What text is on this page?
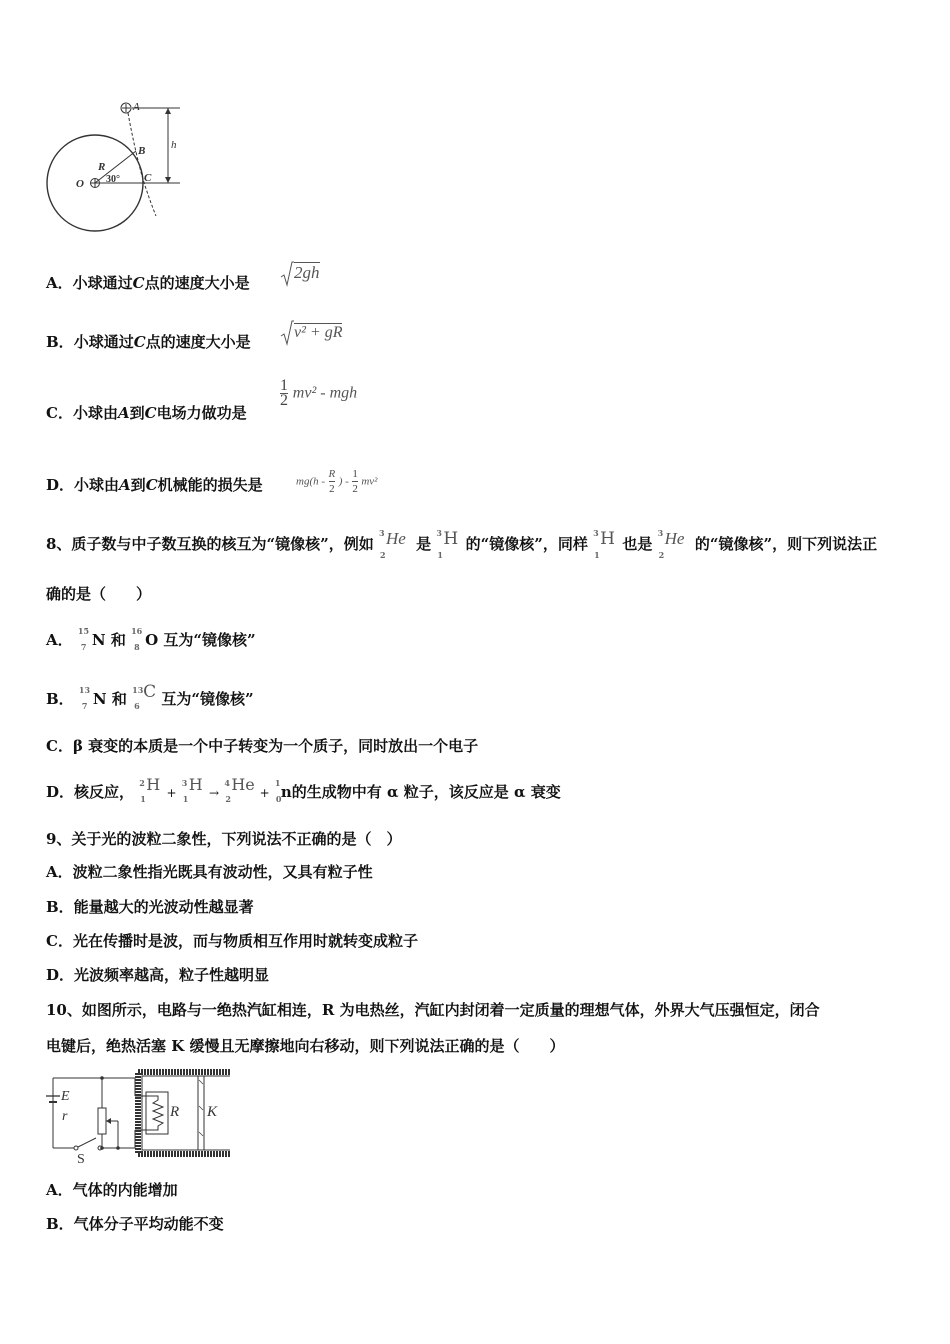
A
B
C
O
R
30°
h
A．小球通过C点的速度大小是
2gh
B．小球通过C点的速度大小是
v² + gR
C．小球由A到C电场力做功是
$\frac{1}{2} mv^2$ - mgh
D．小球由A到C机械能的损失是	$mg(h - \frac{R}{2}$ ) - $\frac{1}{2} mv^2$
8、质子数与中子数互换的核互为“镜像核”，例如
3
2
He 是
3
1
H 的“镜像核”，同样
3
1
H 也是
3
2
He 的“镜像核”，则下列说法正
确的是（　　）
A． 15
7 N 和 16
8 O 互为“镜像核”
B． 13
7 N 和 13
6
C 互为“镜像核”
C．β 衰变的本质是一个中子转变为一个质子，同时放出一个电子
D．核反应， 2
1
H +
3
1
H →
4
2
He +
1
0 n的生成物中有 α 粒子，该反应是 α 衰变
9、关于光的波粒二象性，下列说法不正确的是（　）
A．波粒二象性指光既具有波动性，又具有粒子性
B．能量越大的光波动性越显著
C．光在传播时是波，而与物质相互作用时就转变成粒子
D．光波频率越高，粒子性越明显
10、如图所示，电路与一绝热汽缸相连，R 为电热丝，汽缸内封闭着一定质量的理想气体，外界大气压强恒定，闭合
电键后，绝热活塞 K 缓慢且无摩擦地向右移动，则下列说法正确的是（　　）
E
r
S
R K
A．气体的内能增加
B．气体分子平均动能不变
